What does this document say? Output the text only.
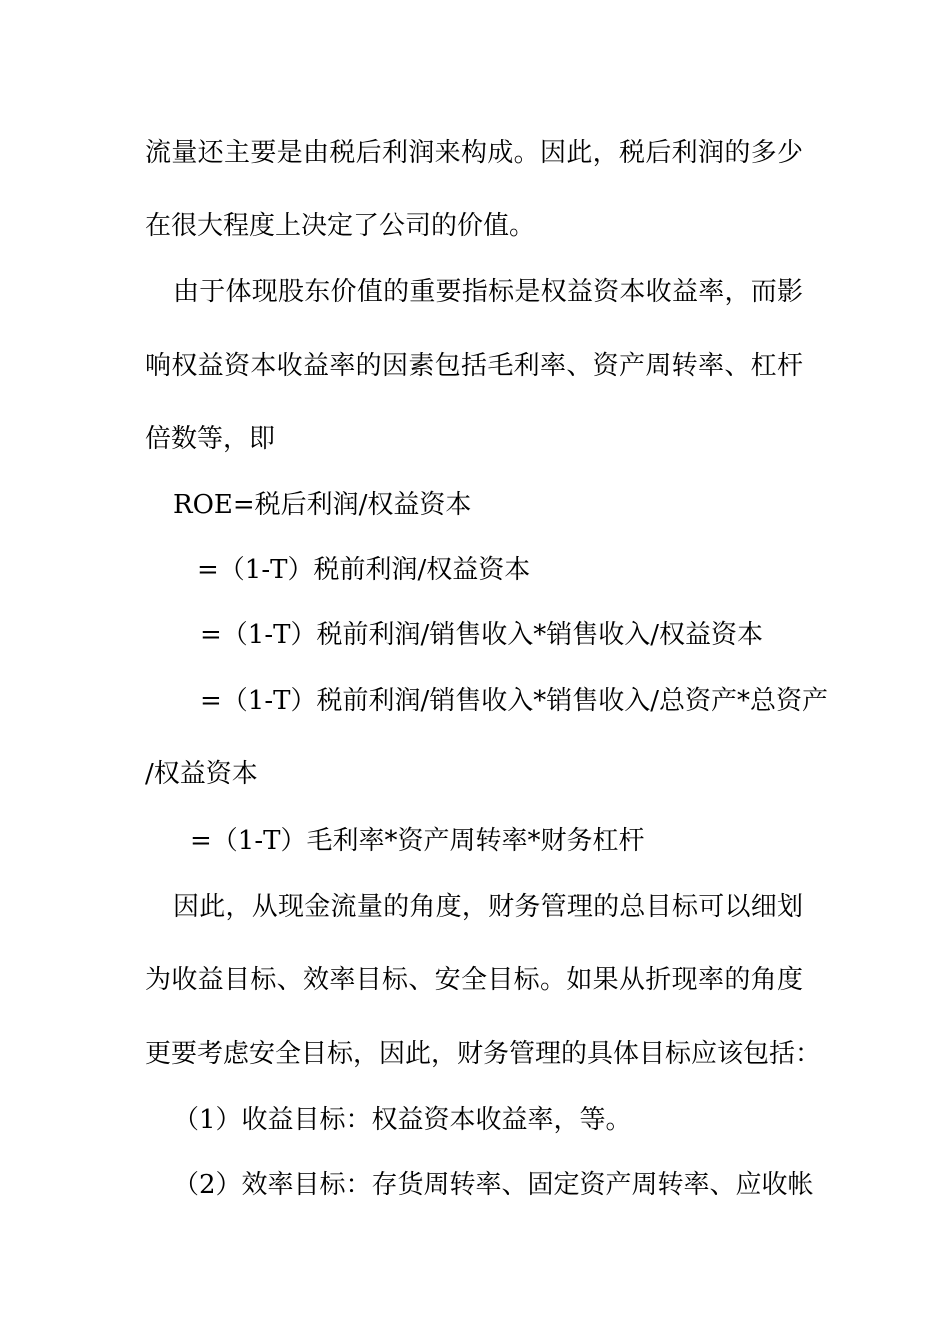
流量还主要是由税后利润来构成。因此，税后利润的多少
在很大程度上决定了公司的价值。
由于体现股东价值的重要指标是权益资本收益率，而影
响权益资本收益率的因素包括毛利率、资产周转率、杠杆
倍数等，即
ROE=税后利润/权益资本
=（1-T）税前利润/权益资本
=（1-T）税前利润/销售收入*销售收入/权益资本
=（1-T）税前利润/销售收入*销售收入/总资产*总资产
/权益资本
=（1-T）毛利率*资产周转率*财务杠杆
因此，从现金流量的角度，财务管理的总目标可以细划
为收益目标、效率目标、安全目标。如果从折现率的角度
更要考虑安全目标，因此，财务管理的具体目标应该包括：
（1）收益目标：权益资本收益率，等。
（2）效率目标：存货周转率、固定资产周转率、应收帐
